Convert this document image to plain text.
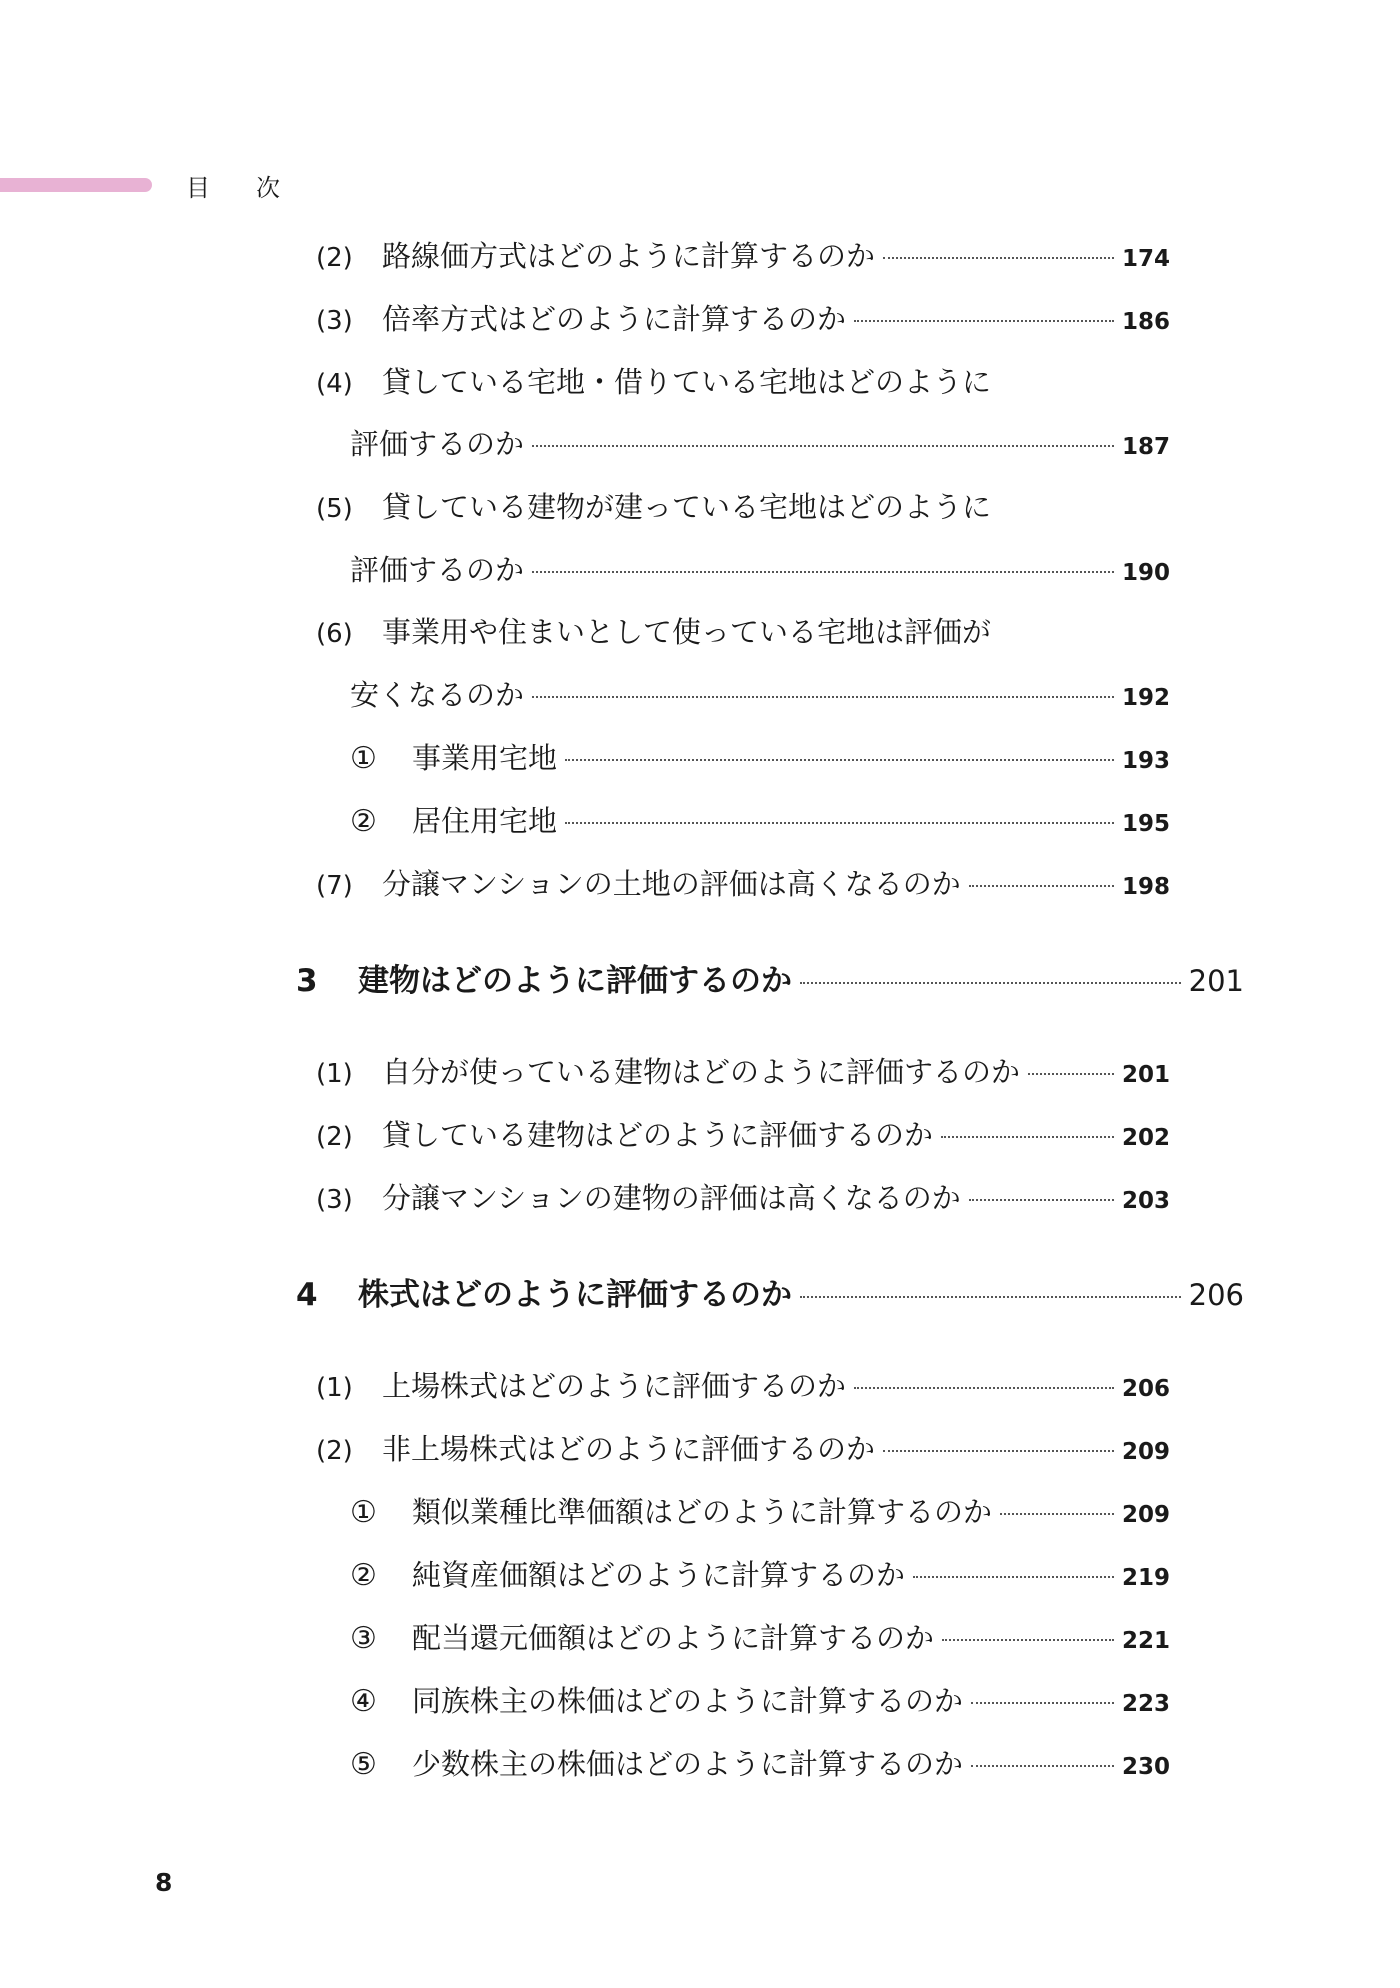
目次
(2)	路線価方式はどのように計算するのか	174
(3)	倍率方式はどのように計算するのか	186
(4)	貸している宅地・借りている宅地はどのように
評価するのか	187
(5)	貸している建物が建っている宅地はどのように
評価するのか	190
(6)	事業用や住まいとして使っている宅地は評価が
安くなるのか	192
①	事業用宅地	193
②	居住用宅地	195
(7)	分譲マンションの土地の評価は高くなるのか	198
3	建物はどのように評価するのか	201
(1)	自分が使っている建物はどのように評価するのか	201
(2)	貸している建物はどのように評価するのか	202
(3)	分譲マンションの建物の評価は高くなるのか	203
4	株式はどのように評価するのか	206
(1)	上場株式はどのように評価するのか	206
(2)	非上場株式はどのように評価するのか	209
①	類似業種比準価額はどのように計算するのか	209
②	純資産価額はどのように計算するのか	219
③	配当還元価額はどのように計算するのか	221
④	同族株主の株価はどのように計算するのか	223
⑤	少数株主の株価はどのように計算するのか	230
8
